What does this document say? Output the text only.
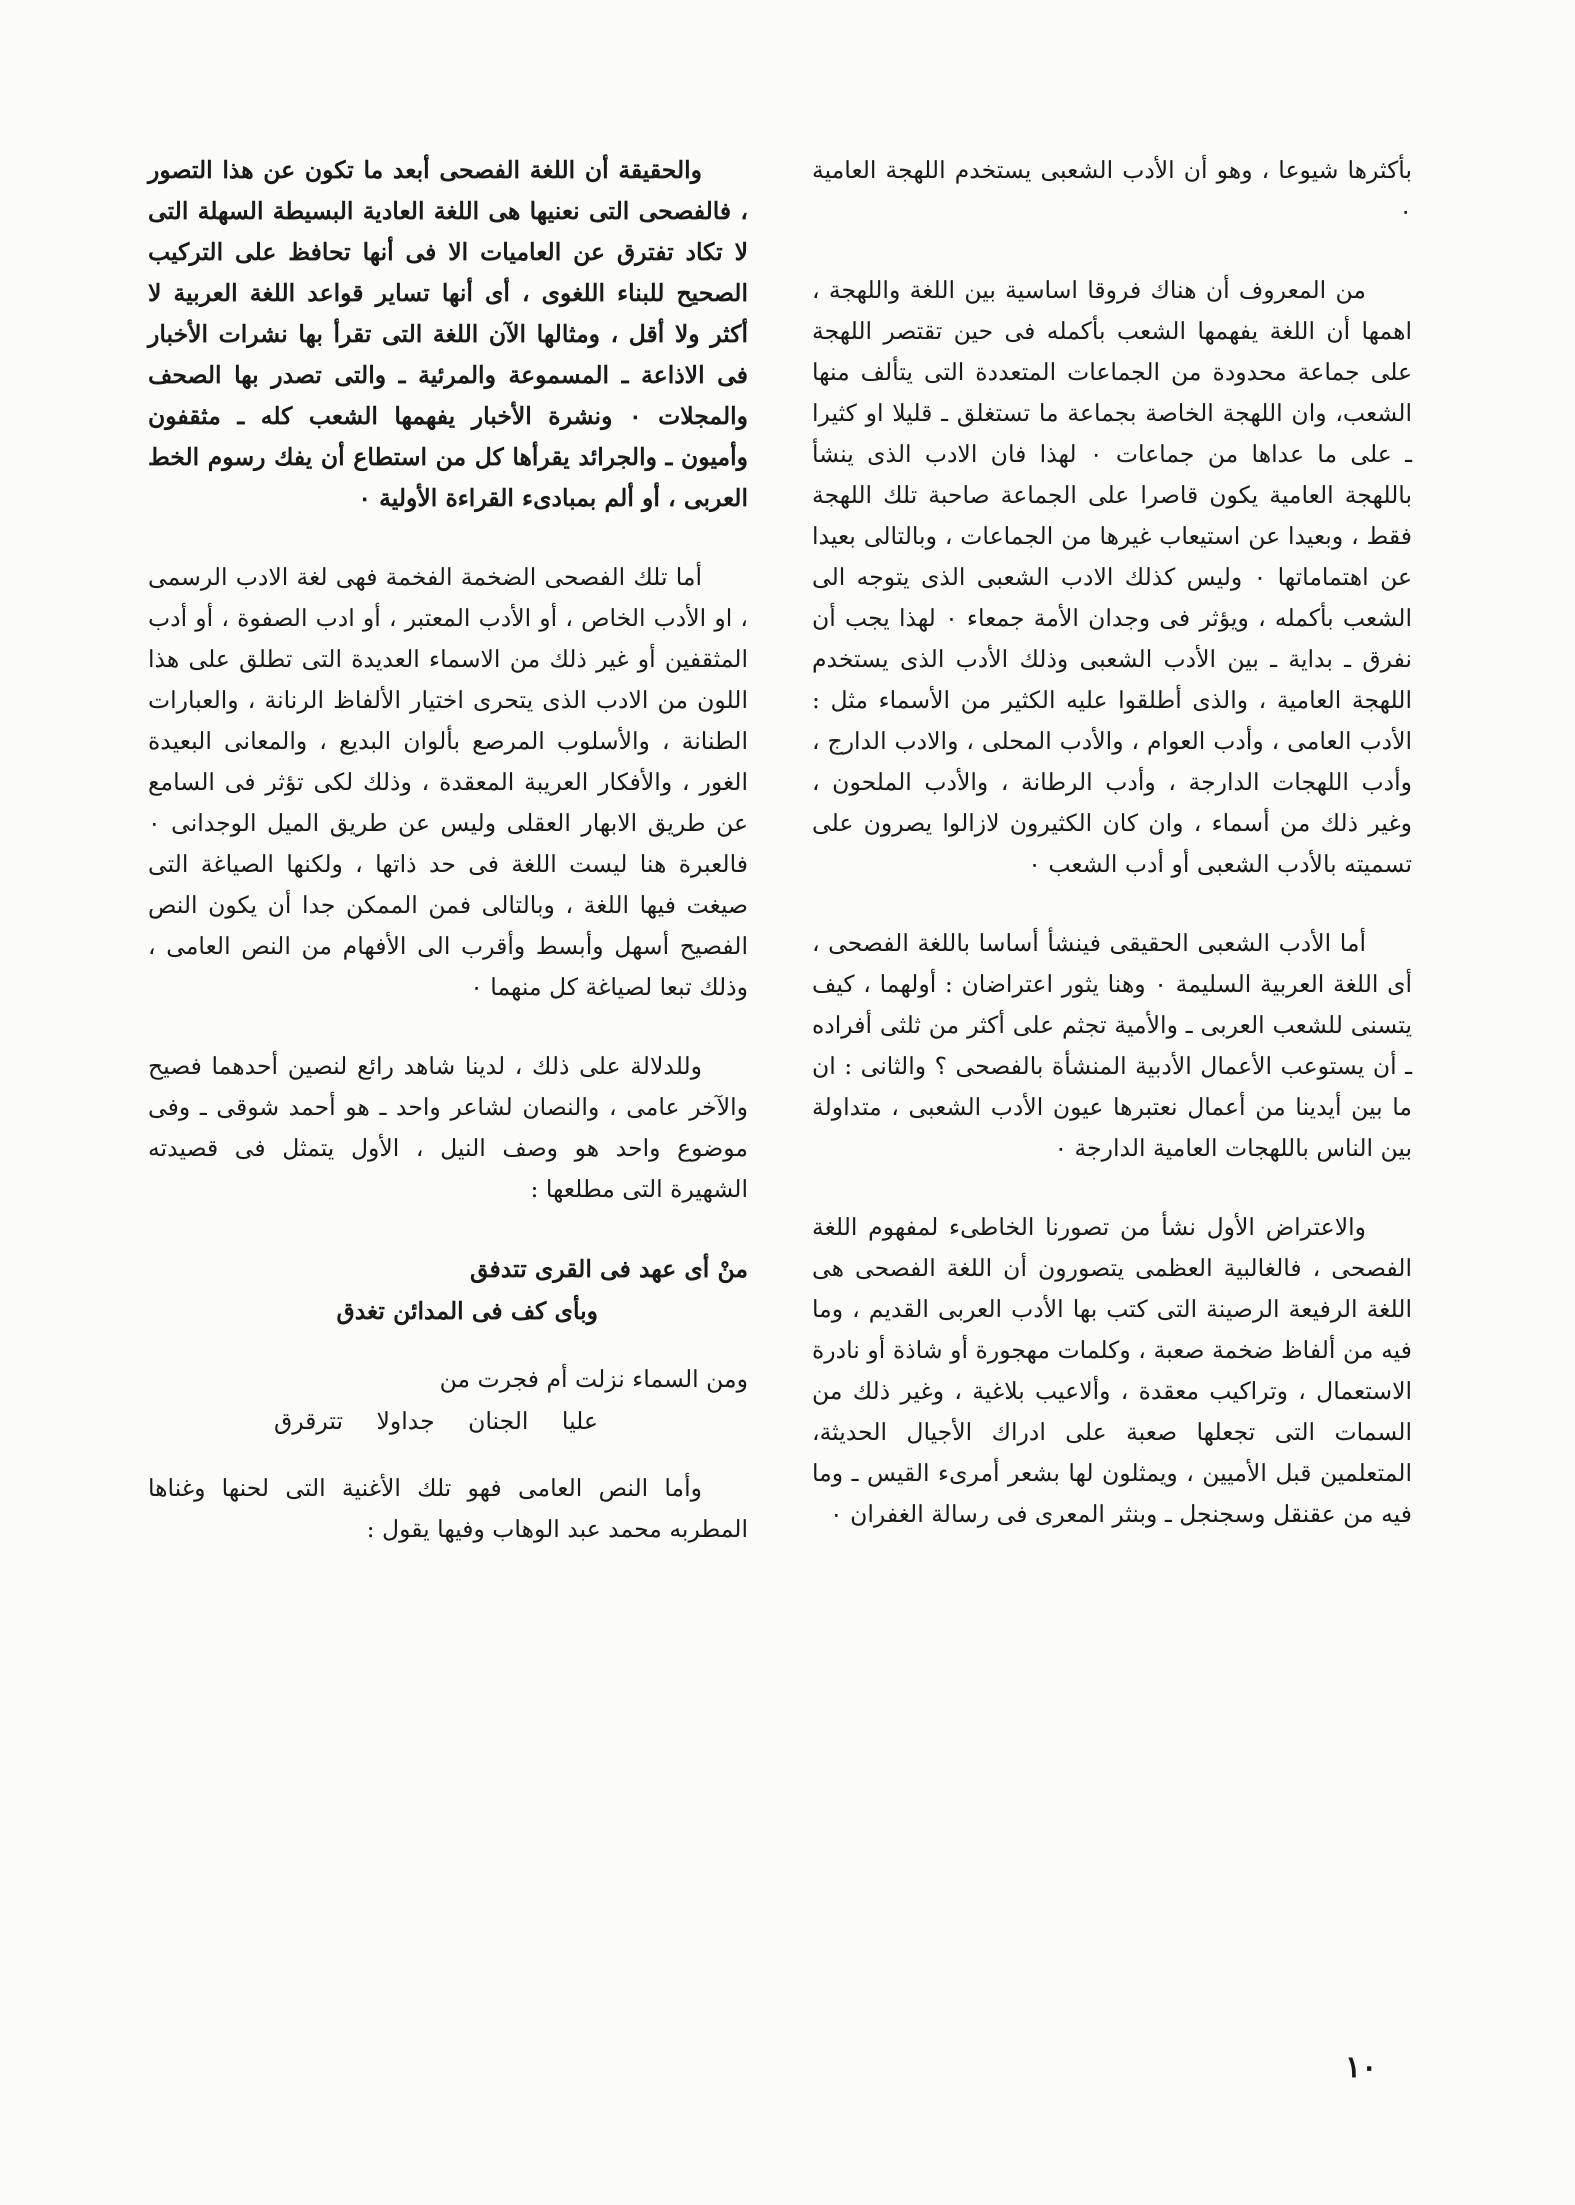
بأكثرها شيوعا ، وهو أن الأدب الشعبى يستخدم اللهجة العامية ٠

من المعروف أن هناك فروقا اساسية بين اللغة واللهجة ، اهمها أن اللغة يفهمها الشعب بأكمله فى حين تقتصر اللهجة على جماعة محدودة من الجماعات المتعددة التى يتألف منها الشعب، وان اللهجة الخاصة بجماعة ما تستغلق ـ قليلا او كثيرا ـ على ما عداها من جماعات ٠ لهذا فان الادب الذى ينشأ باللهجة العامية يكون قاصرا على الجماعة صاحبة تلك اللهجة فقط ، وبعيدا عن استيعاب غيرها من الجماعات ، وبالتالى بعيدا عن اهتماماتها ٠ وليس كذلك الادب الشعبى الذى يتوجه الى الشعب بأكمله ، ويؤثر فى وجدان الأمة جمعاء ٠ لهذا يجب أن نفرق ـ بداية ـ بين الأدب الشعبى وذلك الأدب الذى يستخدم اللهجة العامية ، والذى أطلقوا عليه الكثير من الأسماء مثل : الأدب العامى ، وأدب العوام ، والأدب المحلى ، والادب الدارج ، وأدب اللهجات الدارجة ، وأدب الرطانة ، والأدب الملحون ، وغير ذلك من أسماء ، وان كان الكثيرون لازالوا يصرون على تسميته بالأدب الشعبى أو أدب الشعب ٠

أما الأدب الشعبى الحقيقى فينشأ أساسا باللغة الفصحى ، أى اللغة العربية السليمة ٠ وهنا يثور اعتراضان : أولهما ، كيف يتسنى للشعب العربى ـ والأمية تجثم على أكثر من ثلثى أفراده ـ أن يستوعب الأعمال الأدبية المنشأة بالفصحى ؟ والثانى : ان ما بين أيدينا من أعمال نعتبرها عيون الأدب الشعبى ، متداولة بين الناس باللهجات العامية الدارجة ٠

والاعتراض الأول نشأ من تصورنا الخاطىء لمفهوم اللغة الفصحى ، فالغالبية العظمى يتصورون أن اللغة الفصحى هى اللغة الرفيعة الرصينة التى كتب بها الأدب العربى القديم ، وما فيه من ألفاظ ضخمة صعبة ، وكلمات مهجورة أو شاذة أو نادرة الاستعمال ، وتراكيب معقدة ، وألاعيب بلاغية ، وغير ذلك من السمات التى تجعلها صعبة على ادراك الأجيال الحديثة، المتعلمين قبل الأميين ، ويمثلون لها بشعر أمرىء القيس ـ وما فيه من عقنقل وسجنجل ـ وبنثر المعرى فى رسالة الغفران ٠

والحقيقة أن اللغة الفصحى أبعد ما تكون عن هذا التصور ، فالفصحى التى نعنيها هى اللغة العادية البسيطة السهلة التى لا تكاد تفترق عن العاميات الا فى أنها تحافظ على التركيب الصحيح للبناء اللغوى ، أى أنها تساير قواعد اللغة العربية لا أكثر ولا أقل ، ومثالها الآن اللغة التى تقرأ بها نشرات الأخبار فى الاذاعة ـ المسموعة والمرئية ـ والتى تصدر بها الصحف والمجلات ٠ ونشرة الأخبار يفهمها الشعب كله ـ مثقفون وأميون ـ والجرائد يقرأها كل من استطاع أن يفك رسوم الخط العربى ، أو ألم بمبادىء القراءة الأولية ٠

أما تلك الفصحى الضخمة الفخمة فهى لغة الادب الرسمى ، او الأدب الخاص ، أو الأدب المعتبر ، أو ادب الصفوة ، أو أدب المثقفين أو غير ذلك من الاسماء العديدة التى تطلق على هذا اللون من الادب الذى يتحرى اختيار الألفاظ الرنانة ، والعبارات الطنانة ، والأسلوب المرصع بألوان البديع ، والمعانى البعيدة الغور ، والأفكار العريبة المعقدة ، وذلك لكى تؤثر فى السامع عن طريق الابهار العقلى وليس عن طريق الميل الوجدانى ٠ فالعبرة هنا ليست اللغة فى حد ذاتها ، ولكنها الصياغة التى صيغت فيها اللغة ، وبالتالى فمن الممكن جدا أن يكون النص الفصيح أسهل وأبسط وأقرب الى الأفهام من النص العامى ، وذلك تبعا لصياغة كل منهما ٠

وللدلالة على ذلك ، لدينا شاهد رائع لنصين أحدهما فصيح والآخر عامى ، والنصان لشاعر واحد ـ هو أحمد شوقى ـ وفى موضوع واحد هو وصف النيل ، الأول يتمثل فى قصيدته الشهيرة التى مطلعها :

منْ أى عهد فى القرى تتدفق
وبأى كف فى المدائن تغدق
ومن السماء نزلت أم فجرت من
عليا الجنان جداولا تترقرق

وأما النص العامى فهو تلك الأغنية التى لحنها وغناها المطربه محمد عبد الوهاب وفيها يقول :

١٠
